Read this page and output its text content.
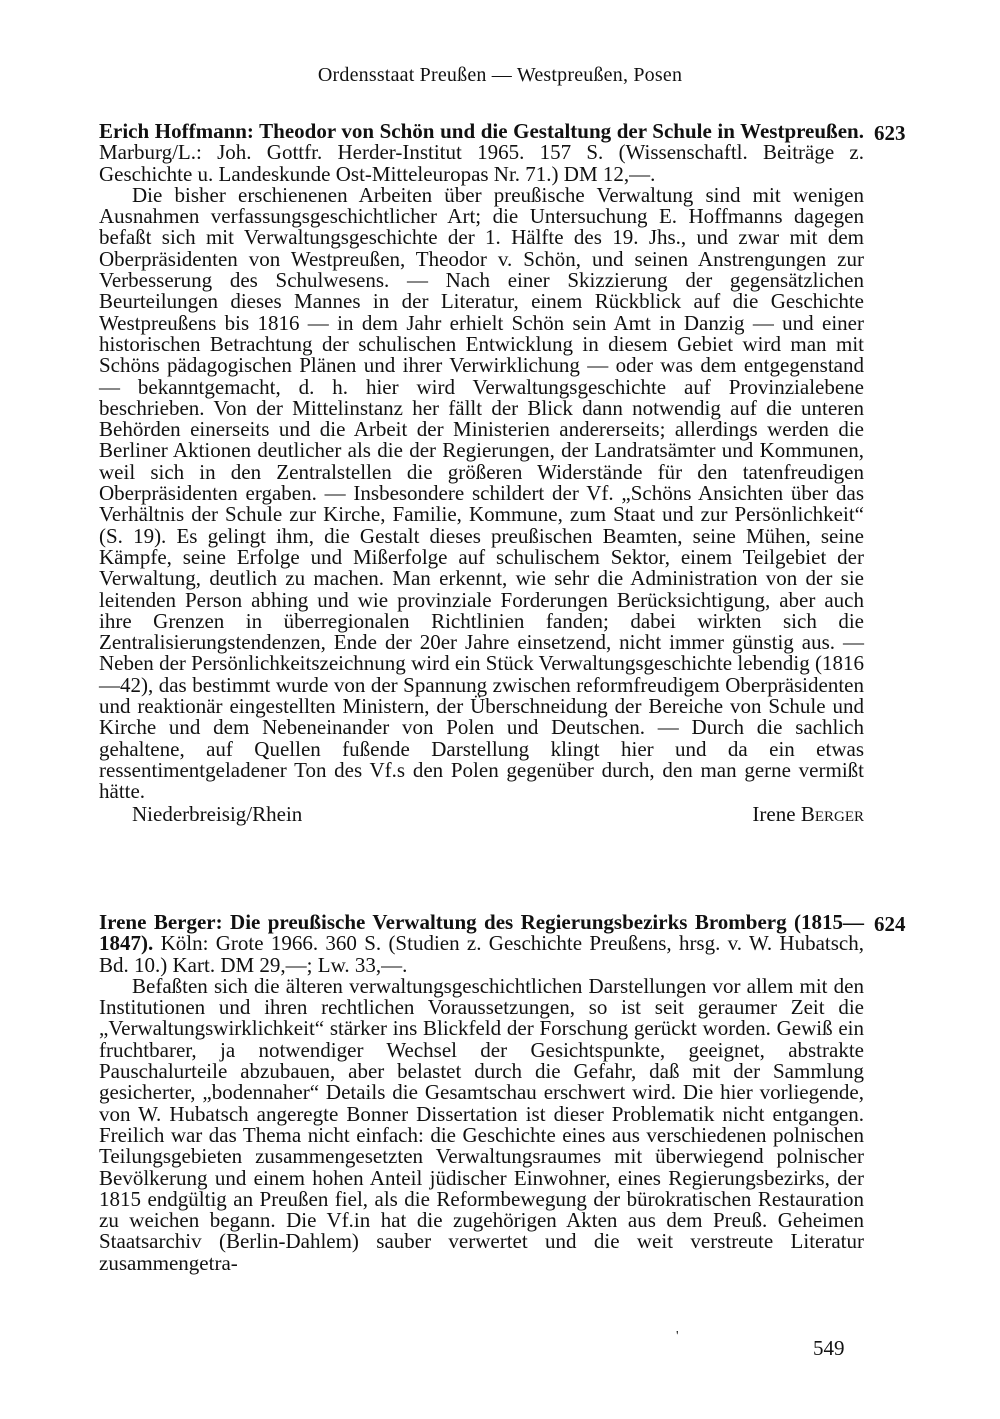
Ordensstaat Preußen — Westpreußen, Posen
623

Erich Hoffmann: Theodor von Schön und die Gestaltung der Schule in Westpreußen. Marburg/L.: Joh. Gottfr. Herder-Institut 1965. 157 S. (Wissenschaftl. Beiträge z. Geschichte u. Landeskunde Ost-Mitteleuropas Nr. 71.) DM 12,—.

Die bisher erschienenen Arbeiten über preußische Verwaltung sind mit wenigen Ausnahmen verfassungsgeschichtlicher Art; die Untersuchung E. Hoffmanns dagegen befaßt sich mit Verwaltungsgeschichte der 1. Hälfte des 19. Jhs., und zwar mit dem Oberpräsidenten von Westpreußen, Theodor v. Schön, und seinen Anstrengungen zur Verbesserung des Schulwesens. — Nach einer Skizzierung der gegensätzlichen Beurteilungen dieses Mannes in der Literatur, einem Rückblick auf die Geschichte Westpreußens bis 1816 — in dem Jahr erhielt Schön sein Amt in Danzig — und einer historischen Betrachtung der schulischen Entwicklung in diesem Gebiet wird man mit Schöns pädagogischen Plänen und ihrer Verwirklichung — oder was dem entgegenstand — bekanntgemacht, d. h. hier wird Verwaltungsgeschichte auf Provinzialebene beschrieben. Von der Mittelinstanz her fällt der Blick dann notwendig auf die unteren Behörden einerseits und die Arbeit der Ministerien andererseits; allerdings werden die Berliner Aktionen deutlicher als die der Regierungen, der Landratsämter und Kommunen, weil sich in den Zentralstellen die größeren Widerstände für den tatenfreudigen Oberpräsidenten ergaben. — Insbesondere schildert der Vf. „Schöns Ansichten über das Verhältnis der Schule zur Kirche, Familie, Kommune, zum Staat und zur Persönlichkeit“ (S. 19). Es gelingt ihm, die Gestalt dieses preußischen Beamten, seine Mühen, seine Kämpfe, seine Erfolge und Mißerfolge auf schulischem Sektor, einem Teilgebiet der Verwaltung, deutlich zu machen. Man erkennt, wie sehr die Administration von der sie leitenden Person abhing und wie provinziale Forderungen Berücksichtigung, aber auch ihre Grenzen in überregionalen Richtlinien fanden; dabei wirkten sich die Zentralisierungstendenzen, Ende der 20er Jahre einsetzend, nicht immer günstig aus. — Neben der Persönlichkeitszeichnung wird ein Stück Verwaltungsgeschichte lebendig (1816—42), das bestimmt wurde von der Spannung zwischen reformfreudigem Oberpräsidenten und reaktionär eingestellten Ministern, der Überschneidung der Bereiche von Schule und Kirche und dem Nebeneinander von Polen und Deutschen. — Durch die sachlich gehaltene, auf Quellen fußende Darstellung klingt hier und da ein etwas ressentimentgeladener Ton des Vf.s den Polen gegenüber durch, den man gerne vermißt hätte.

Niederbreisig/Rhein	Irene Berger
624

Irene Berger: Die preußische Verwaltung des Regierungsbezirks Bromberg (1815—1847). Köln: Grote 1966. 360 S. (Studien z. Geschichte Preußens, hrsg. v. W. Hubatsch, Bd. 10.) Kart. DM 29,—; Lw. 33,—.

Befaßten sich die älteren verwaltungsgeschichtlichen Darstellungen vor allem mit den Institutionen und ihren rechtlichen Voraussetzungen, so ist seit geraumer Zeit die „Verwaltungswirklichkeit“ stärker ins Blickfeld der Forschung gerückt worden. Gewiß ein fruchtbarer, ja notwendiger Wechsel der Gesichtspunkte, geeignet, abstrakte Pauschalurteile abzubauen, aber belastet durch die Gefahr, daß mit der Sammlung gesicherter, „bodennaher“ Details die Gesamtschau erschwert wird. Die hier vorliegende, von W. Hubatsch angeregte Bonner Dissertation ist dieser Problematik nicht entgangen. Freilich war das Thema nicht einfach: die Geschichte eines aus verschiedenen polnischen Teilungsgebieten zusammengesetzten Verwaltungsraumes mit überwiegend polnischer Bevölkerung und einem hohen Anteil jüdischer Einwohner, eines Regierungsbezirks, der 1815 endgültig an Preußen fiel, als die Reformbewegung der bürokratischen Restauration zu weichen begann. Die Vf.in hat die zugehörigen Akten aus dem Preuß. Geheimen Staatsarchiv (Berlin-Dahlem) sauber verwertet und die weit verstreute Literatur zusammengetra-

'	549
